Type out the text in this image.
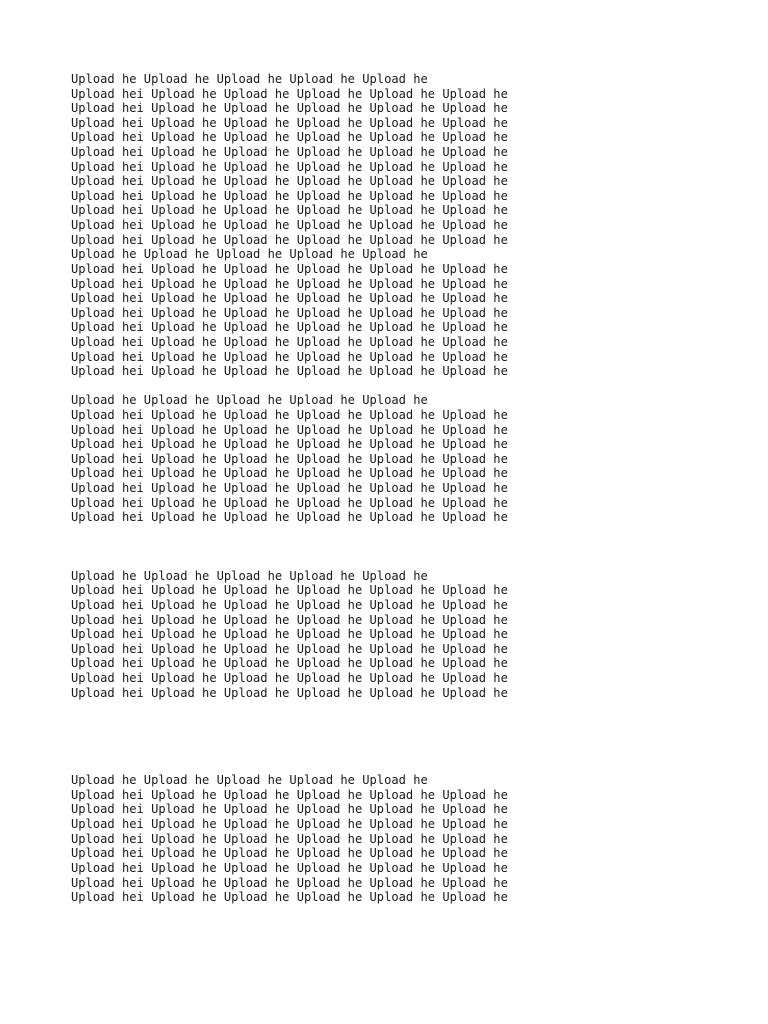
Upload he Upload he Upload he Upload he Upload he
Upload hei Upload he Upload he Upload he Upload he Upload he
Upload hei Upload he Upload he Upload he Upload he Upload he
Upload hei Upload he Upload he Upload he Upload he Upload he
Upload hei Upload he Upload he Upload he Upload he Upload he
Upload hei Upload he Upload he Upload he Upload he Upload he
Upload hei Upload he Upload he Upload he Upload he Upload he
Upload hei Upload he Upload he Upload he Upload he Upload he
Upload hei Upload he Upload he Upload he Upload he Upload he
Upload hei Upload he Upload he Upload he Upload he Upload he
Upload hei Upload he Upload he Upload he Upload he Upload he
Upload hei Upload he Upload he Upload he Upload he Upload he
Upload he Upload he Upload he Upload he Upload he
Upload hei Upload he Upload he Upload he Upload he Upload he
Upload hei Upload he Upload he Upload he Upload he Upload he
Upload hei Upload he Upload he Upload he Upload he Upload he
Upload hei Upload he Upload he Upload he Upload he Upload he
Upload hei Upload he Upload he Upload he Upload he Upload he
Upload hei Upload he Upload he Upload he Upload he Upload he
Upload hei Upload he Upload he Upload he Upload he Upload he
Upload hei Upload he Upload he Upload he Upload he Upload he
Upload he Upload he Upload he Upload he Upload he
Upload hei Upload he Upload he Upload he Upload he Upload he
Upload hei Upload he Upload he Upload he Upload he Upload he
Upload hei Upload he Upload he Upload he Upload he Upload he
Upload hei Upload he Upload he Upload he Upload he Upload he
Upload hei Upload he Upload he Upload he Upload he Upload he
Upload hei Upload he Upload he Upload he Upload he Upload he
Upload hei Upload he Upload he Upload he Upload he Upload he
Upload hei Upload he Upload he Upload he Upload he Upload he
Upload he Upload he Upload he Upload he Upload he
Upload hei Upload he Upload he Upload he Upload he Upload he
Upload hei Upload he Upload he Upload he Upload he Upload he
Upload hei Upload he Upload he Upload he Upload he Upload he
Upload hei Upload he Upload he Upload he Upload he Upload he
Upload hei Upload he Upload he Upload he Upload he Upload he
Upload hei Upload he Upload he Upload he Upload he Upload he
Upload hei Upload he Upload he Upload he Upload he Upload he
Upload hei Upload he Upload he Upload he Upload he Upload he
Upload he Upload he Upload he Upload he Upload he
Upload hei Upload he Upload he Upload he Upload he Upload he
Upload hei Upload he Upload he Upload he Upload he Upload he
Upload hei Upload he Upload he Upload he Upload he Upload he
Upload hei Upload he Upload he Upload he Upload he Upload he
Upload hei Upload he Upload he Upload he Upload he Upload he
Upload hei Upload he Upload he Upload he Upload he Upload he
Upload hei Upload he Upload he Upload he Upload he Upload he
Upload hei Upload he Upload he Upload he Upload he Upload he
